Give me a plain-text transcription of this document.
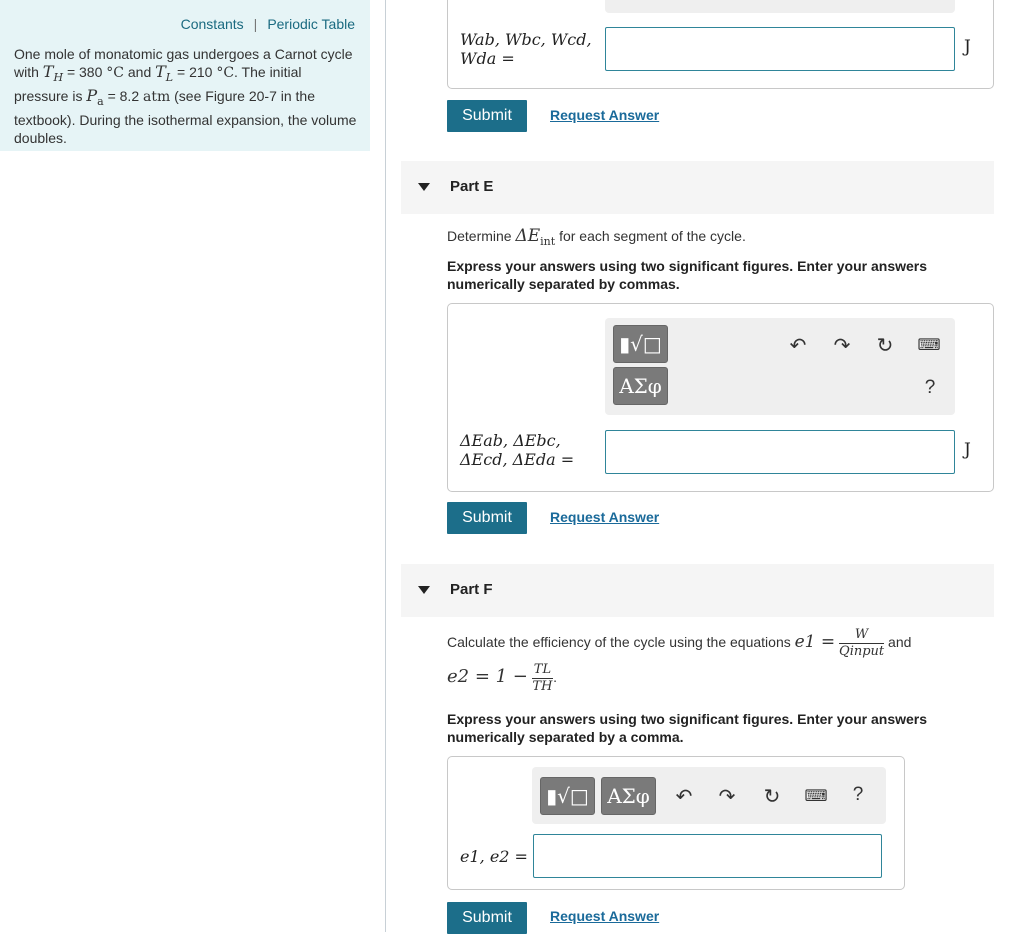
Constants | Periodic Table
One mole of monatomic gas undergoes a Carnot cycle with $T_H = 380$ °C and $T_L = 210$ °C. The initial pressure is $P_a = 8.2$ atm (see Figure 20-7 in the textbook). During the isothermal expansion, the volume doubles.
Wab, Wbc, Wcd,
Wda =
J
Submit	Request Answer
Part E
Determine $\Delta E_{int}$ for each segment of the cycle.
Express your answers using two significant figures. Enter your answers numerically separated by commas.
▮√□
ΑΣφ
↶ ↷ ↻ ⌨
?
ΔEab, ΔEbc,
ΔEcd, ΔEda =	J
Submit	Request Answer
Part F
Calculate the efficiency of the cycle using the equations $e1 = \frac{W}{\text{Qinput}}$ and
$e2 = 1 - \frac{TL}{TH}$ .
Express your answers using two significant figures. Enter your answers numerically separated by a comma.
▮√□ ΑΣφ	↶ ↷ ↻ ⌨	?
e1, e2 =
Submit	Request Answer
